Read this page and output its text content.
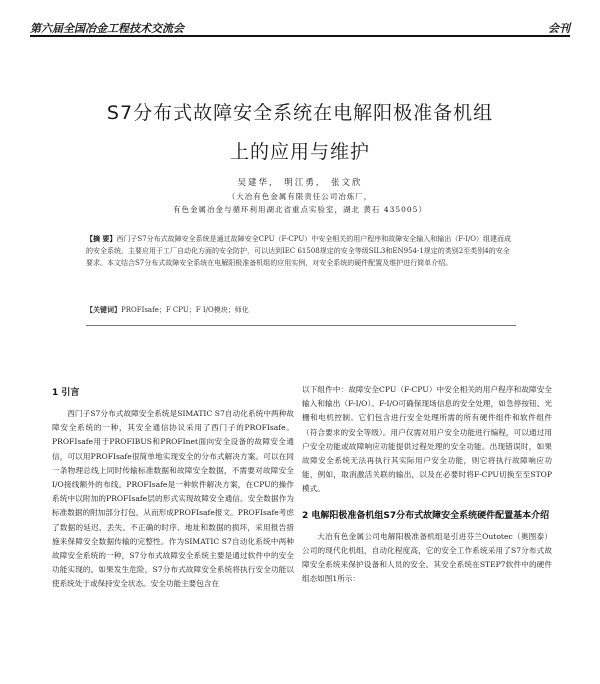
第六届全国冶金工程技术交流会	会刊
S7分布式故障安全系统在电解阳极准备机组
上的应用与维护
吴建华， 明江勇， 张文欣
（大冶有色金属有限责任公司冶炼厂，
有色金属冶金与循环利用湖北省重点实验室，湖北 黄石 435005）
【摘 要】西门子S7分布式故障安全系统是通过故障安全CPU（F-CPU）中安全相关的用户程序和故障安全输入和输出（F-I/O）组建而成的安全系统，主要应用于工厂自动化方面的安全防护，可以达到IEC 61508规定的安全等级SIL3和EN954-1规定的类别2至类别4的安全要求。本文结合S7分布式故障安全系统在电解阳极准备机组的应用实例，对安全系统的硬件配置及维护进行简单介绍。
【关键词】PROFIsafe；F CPU；F I/O模块；师化
1 引言

西门子S7分布式故障安全系统是SIMATIC S7自动化系统中两种故障安全系统的一种，其安全通信协议采用了西门子的PROFIsafe。PROFIsafe用于PROFIBUS和PROFInet面向安全设备的故障安全通信，可以用PROFIsafe很简单地实现安全的分布式解决方案。可以在同一条物理总线上同时传输标准数据和故障安全数据，不需要对故障安全I/O接线额外的布线。PROFIsafe是一种软件解决方案，在CPU的操作系统中以附加的PROFIsafe层的形式实现故障安全通信。安全数据作为标准数据的附加部分打包，从而形成PROFIsafe报文。PROFIsafe考虑了数据的延迟、丢失、不正确的时序、地址和数据的损坏，采用报告措施来保障安全数据传输的完整性。作为SIMATIC S7自动化系统中两种故障安全系统的一种，S7分布式故障安全系统主要是通过软件中的安全功能实现的。如果发生危险，S7分布式故障安全系统将执行安全功能以使系统处于或保持安全状态。安全功能主要包含在

以下组件中：故障安全CPU（F-CPU）中安全相关的用户程序和故障安全输入和输出（F-I/O）。F-I/O可确保现场信息的安全处理，如急停按钮、光栅和电机控制。它们包含进行安全处理所需的所有硬件组件和软件组件（符合要求的安全等级）。用户仅需对用户安全功能进行编程，可以通过用户安全功能或故障响应功能提供过程处理的安全功能。出现错误时，如果故障安全系统无法再执行其实际用户安全功能，则它将执行故障响应功能，例如，取消激活关联的输出，以及在必要时将F-CPU切换至至STOP模式。

2 电解阳极准备机组S7分布式故障安全系统硬件配置基本介绍

大冶有色金属公司电解阳极准备机组是引进芬兰Outotec（奥图泰）公司的现代化机组，自动化程度高，它的安全工作系统采用了S7分布式故障安全系统来保护设备和人员的安全。其安全系统在STEP7软件中的硬件组态如图1所示：
